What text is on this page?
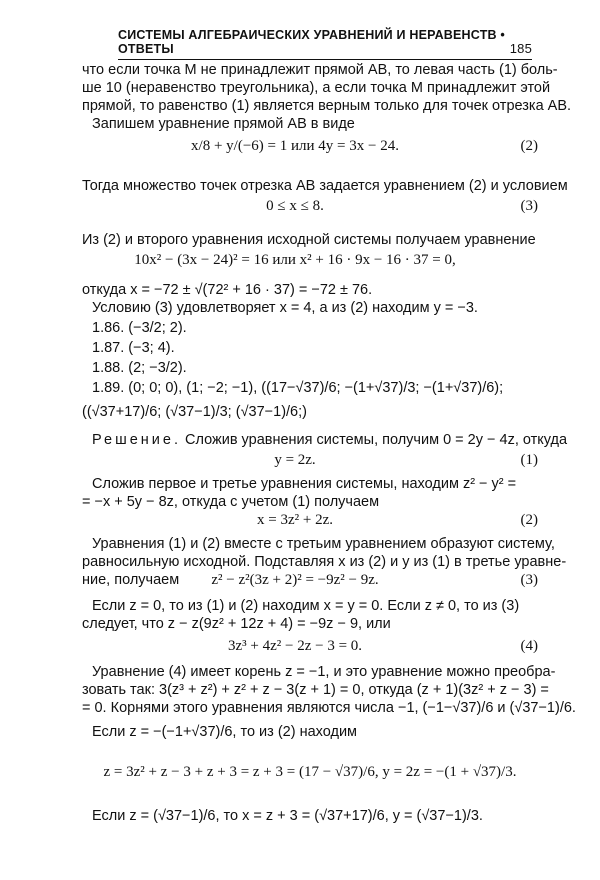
СИСТЕМЫ АЛГЕБРАИЧЕСКИХ УРАВНЕНИЙ И НЕРАВЕНСТВ • ОТВЕТЫ	185
что если точка M не принадлежит прямой AB, то левая часть (1) боль-
ше 10 (неравенство треугольника), а если точка M принадлежит этой
прямой, то равенство (1) является верным только для точек отрезка AB.
Запишем уравнение прямой AB в виде
x/8 + y/(−6) = 1 или 4y = 3x − 24.	(2)
Тогда множество точек отрезка AB задается уравнением (2) и условием
0 ≤ x ≤ 8.	(3)
Из (2) и второго уравнения исходной системы получаем уравнение
10x² − (3x − 24)² = 16 или x² + 16 · 9x − 16 · 37 = 0,
откуда x = −72 ± √(72² + 16 · 37) = −72 ± 76.
Условию (3) удовлетворяет x = 4, а из (2) находим y = −3.
1.86. (−3/2; 2).
1.87. (−3; 4).
1.88. (2; −3/2).
1.89. (0; 0; 0), (1; −2; −1), ((17−√37)/6; −(1+√37)/3; −(1+√37)/6);
((√37+17)/6; (√37−1)/3; (√37−1)/6;)
Решение. Сложив уравнения системы, получим 0 = 2y − 4z, откуда
y = 2z.	(1)
Сложив первое и третье уравнения системы, находим z² − y² =
= −x + 5y − 8z, откуда с учетом (1) получаем
x = 3z² + 2z.	(2)
Уравнения (1) и (2) вместе с третьим уравнением образуют систему,
равносильную исходной. Подставляя x из (2) и y из (1) в третье уравне-
ние, получаем	z² − z²(3z + 2)² = −9z² − 9z.	(3)
Если z = 0, то из (1) и (2) находим x = y = 0. Если z ≠ 0, то из (3)
следует, что z − z(9z² + 12z + 4) = −9z − 9, или
3z³ + 4z² − 2z − 3 = 0.	(4)
Уравнение (4) имеет корень z = −1, и это уравнение можно преобра-
зовать так: 3(z³ + z²) + z² + z − 3(z + 1) = 0, откуда (z + 1)(3z² + z − 3) =
= 0. Корнями этого уравнения являются числа −1, (−1−√37)/6 и (√37−1)/6.
Если z = −(−1+√37)/6, то из (2) находим
z = 3z² + z − 3 + z + 3 = z + 3 = (17 − √37)/6, y = 2z = −(1 + √37)/3.
Если z = (√37−1)/6, то x = z + 3 = (√37+17)/6, y = (√37−1)/3.
